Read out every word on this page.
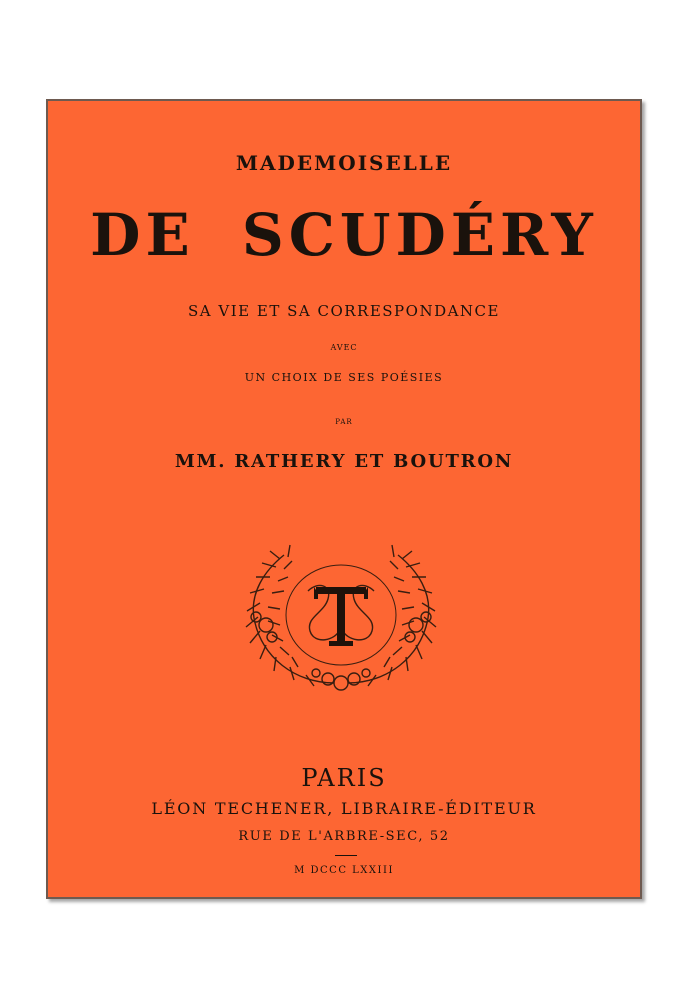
MADEMOISELLE
DE SCUDÉRY
SA VIE ET SA CORRESPONDANCE
AVEC
UN CHOIX DE SES POÉSIES
PAR
MM. RATHERY ET BOUTRON
PARIS
LÉON TECHENER, LIBRAIRE-ÉDITEUR
RUE DE L'ARBRE-SEC, 52
M DCCC LXXIII
